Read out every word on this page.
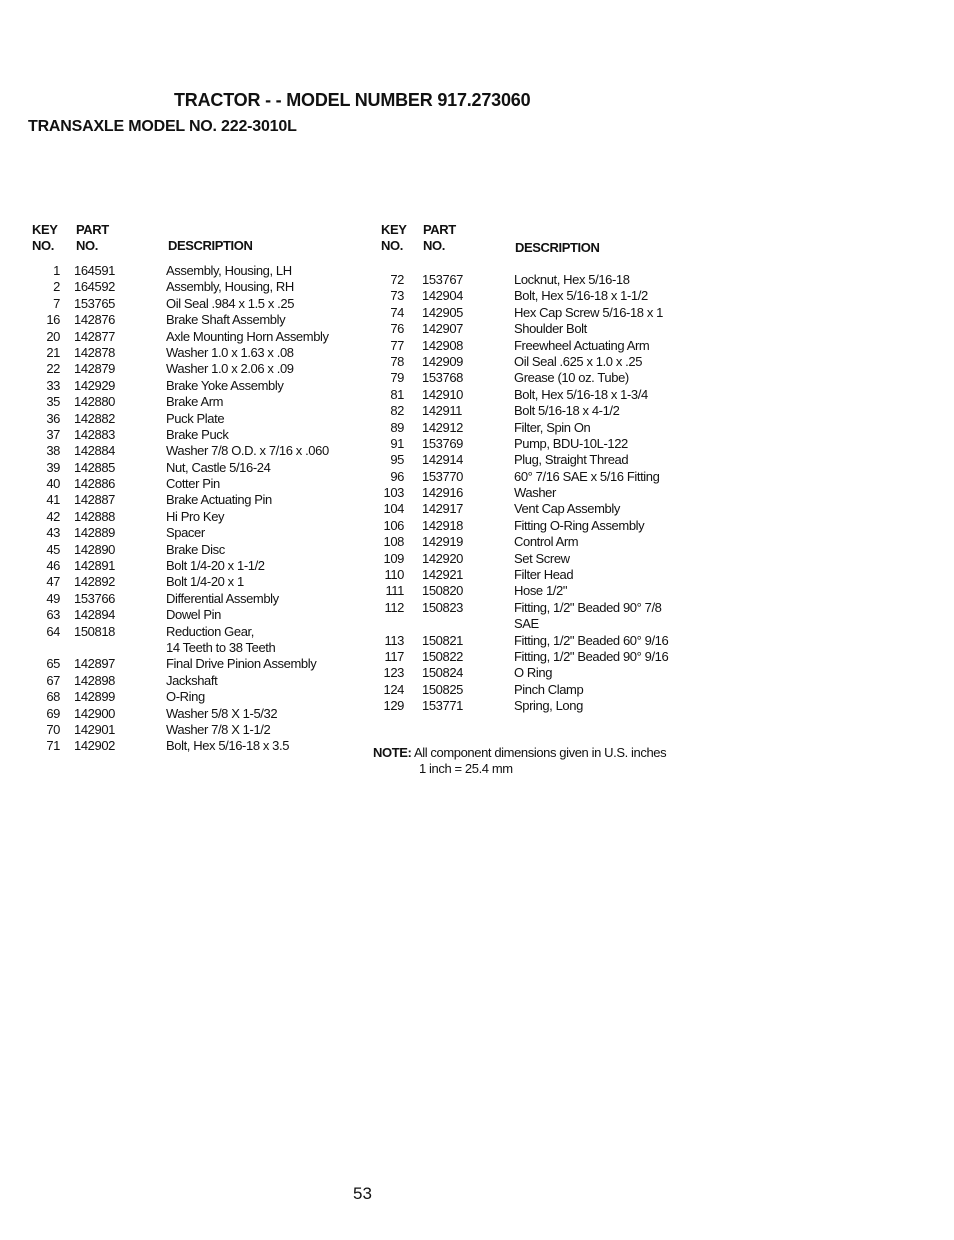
TRACTOR - - MODEL NUMBER 917.273060
TRANSAXLE MODEL NO. 222-3010L
KEY
NO.
PART
NO.	DESCRIPTION
KEY
NO.
PART
NO.	DESCRIPTION
1 164591	Assembly, Housing, LH
2 164592	Assembly, Housing, RH
7 153765	Oil Seal .984 x 1.5 x .25
16 142876	Brake Shaft Assembly
20 142877	Axle Mounting Horn Assembly
21 142878	Washer 1.0 x 1.63 x .08
22 142879	Washer 1.0 x 2.06 x .09
33 142929	Brake Yoke Assembly
35 142880	Brake Arm
36 142882	Puck Plate
37 142883	Brake Puck
38 142884	Washer 7/8 O.D. x 7/16 x .060
39 142885	Nut, Castle 5/16-24
40 142886	Cotter Pin
41 142887	Brake Actuating Pin
42 142888	Hi Pro Key
43 142889	Spacer
45 142890	Brake Disc
46 142891	Bolt 1/4-20 x 1-1/2
47 142892	Bolt 1/4-20 x 1
49 153766	Differential Assembly
63 142894	Dowel Pin
64 150818	Reduction Gear,
14 Teeth to 38 Teeth
65 142897	Final Drive Pinion Assembly
67 142898	Jackshaft
68 142899	O-Ring
69 142900	Washer 5/8 X 1-5/32
70 142901	Washer 7/8 X 1-1/2
71 142902	Bolt, Hex 5/16-18 x 3.5
72 153767	Locknut, Hex 5/16-18
73 142904	Bolt, Hex 5/16-18 x 1-1/2
74 142905	Hex Cap Screw 5/16-18 x 1
76 142907	Shoulder Bolt
77 142908	Freewheel Actuating Arm
78 142909	Oil Seal .625 x 1.0 x .25
79 153768	Grease (10 oz. Tube)
81 142910	Bolt, Hex 5/16-18 x 1-3/4
82 142911	Bolt 5/16-18 x 4-1/2
89 142912	Filter, Spin On
91 153769	Pump, BDU-10L-122
95 142914	Plug, Straight Thread
96 153770	60° 7/16 SAE x 5/16 Fitting
103 142916	Washer
104 142917	Vent Cap Assembly
106 142918	Fitting O-Ring Assembly
108 142919	Control Arm
109 142920	Set Screw
110 142921	Filter Head
111 150820	Hose 1/2"
112 150823	Fitting, 1/2" Beaded 90° 7/8
SAE
113 150821	Fitting, 1/2" Beaded 60° 9/16
117 150822	Fitting, 1/2" Beaded 90° 9/16
123 150824	O Ring
124 150825	Pinch Clamp
129 153771	Spring, Long
NOTE: All component dimensions given in U.S. inches
1 inch = 25.4 mm
53
